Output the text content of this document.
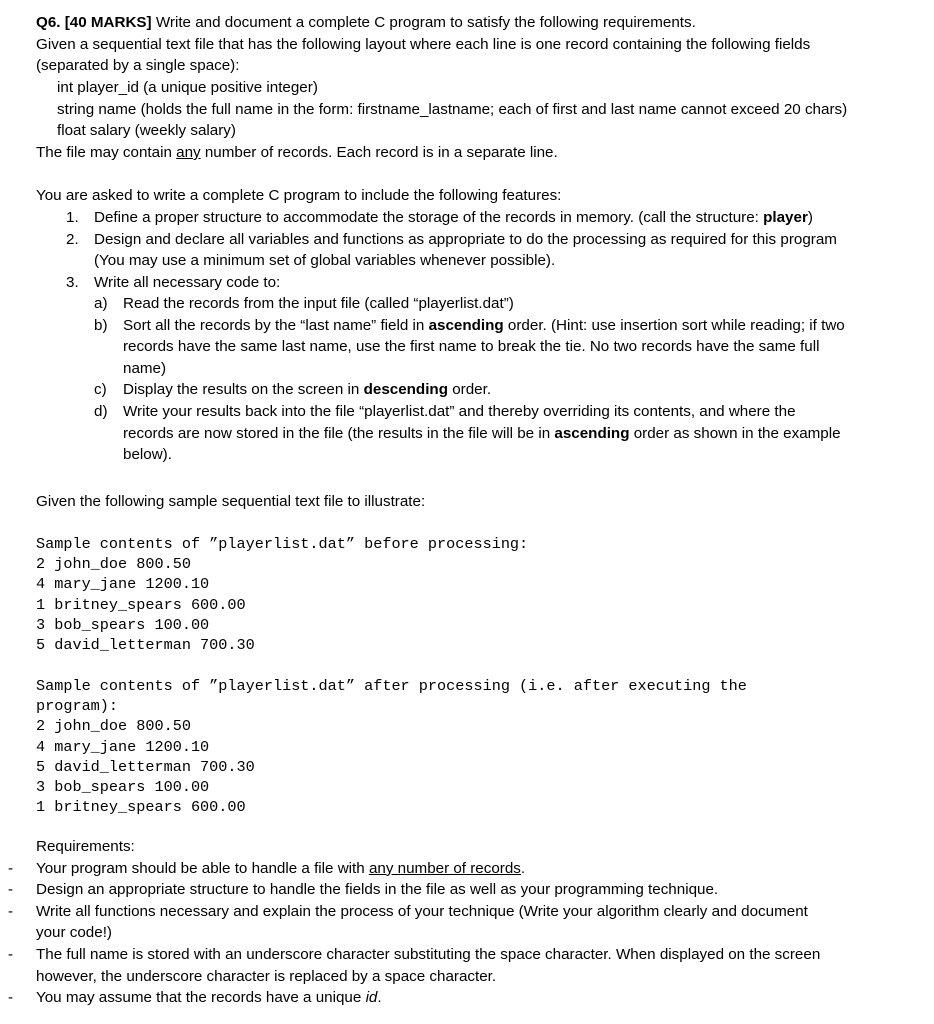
Q6. [40 MARKS] Write and document a complete C program to satisfy the following requirements.
Given a sequential text file that has the following layout where each line is one record containing the following fields
(separated by a single space):
int player_id (a unique positive integer)
string name (holds the full name in the form: firstname_lastname; each of first and last name cannot exceed 20 chars)
float salary (weekly salary)
The file may contain any number of records. Each record is in a separate line.
You are asked to write a complete C program to include the following features:
1. Define a proper structure to accommodate the storage of the records in memory. (call the structure: player)
2. Design and declare all variables and functions as appropriate to do the processing as required for this program
(You may use a minimum set of global variables whenever possible).
3. Write all necessary code to:
a) Read the records from the input file (called “playerlist.dat”)
b) Sort all the records by the “last name” field in ascending order. (Hint: use insertion sort while reading; if two
records have the same last name, use the first name to break the tie. No two records have the same full
name)
c) Display the results on the screen in descending order.
d) Write your results back into the file “playerlist.dat” and thereby overriding its contents, and where the
records are now stored in the file (the results in the file will be in ascending order as shown in the example
below).
Given the following sample sequential text file to illustrate:
Sample contents of ”playerlist.dat” before processing:
2 john_doe 800.50
4 mary_jane 1200.10
1 britney_spears 600.00
3 bob_spears 100.00
5 david_letterman 700.30
Sample contents of ”playerlist.dat” after processing (i.e. after executing the
program):
2 john_doe 800.50
4 mary_jane 1200.10
5 david_letterman 700.30
3 bob_spears 100.00
1 britney_spears 600.00
Requirements:
- Your program should be able to handle a file with any number of records.
- Design an appropriate structure to handle the fields in the file as well as your programming technique.
- Write all functions necessary and explain the process of your technique (Write your algorithm clearly and document
your code!)
- The full name is stored with an underscore character substituting the space character. When displayed on the screen
however, the underscore character is replaced by a space character.
- You may assume that the records have a unique id.
